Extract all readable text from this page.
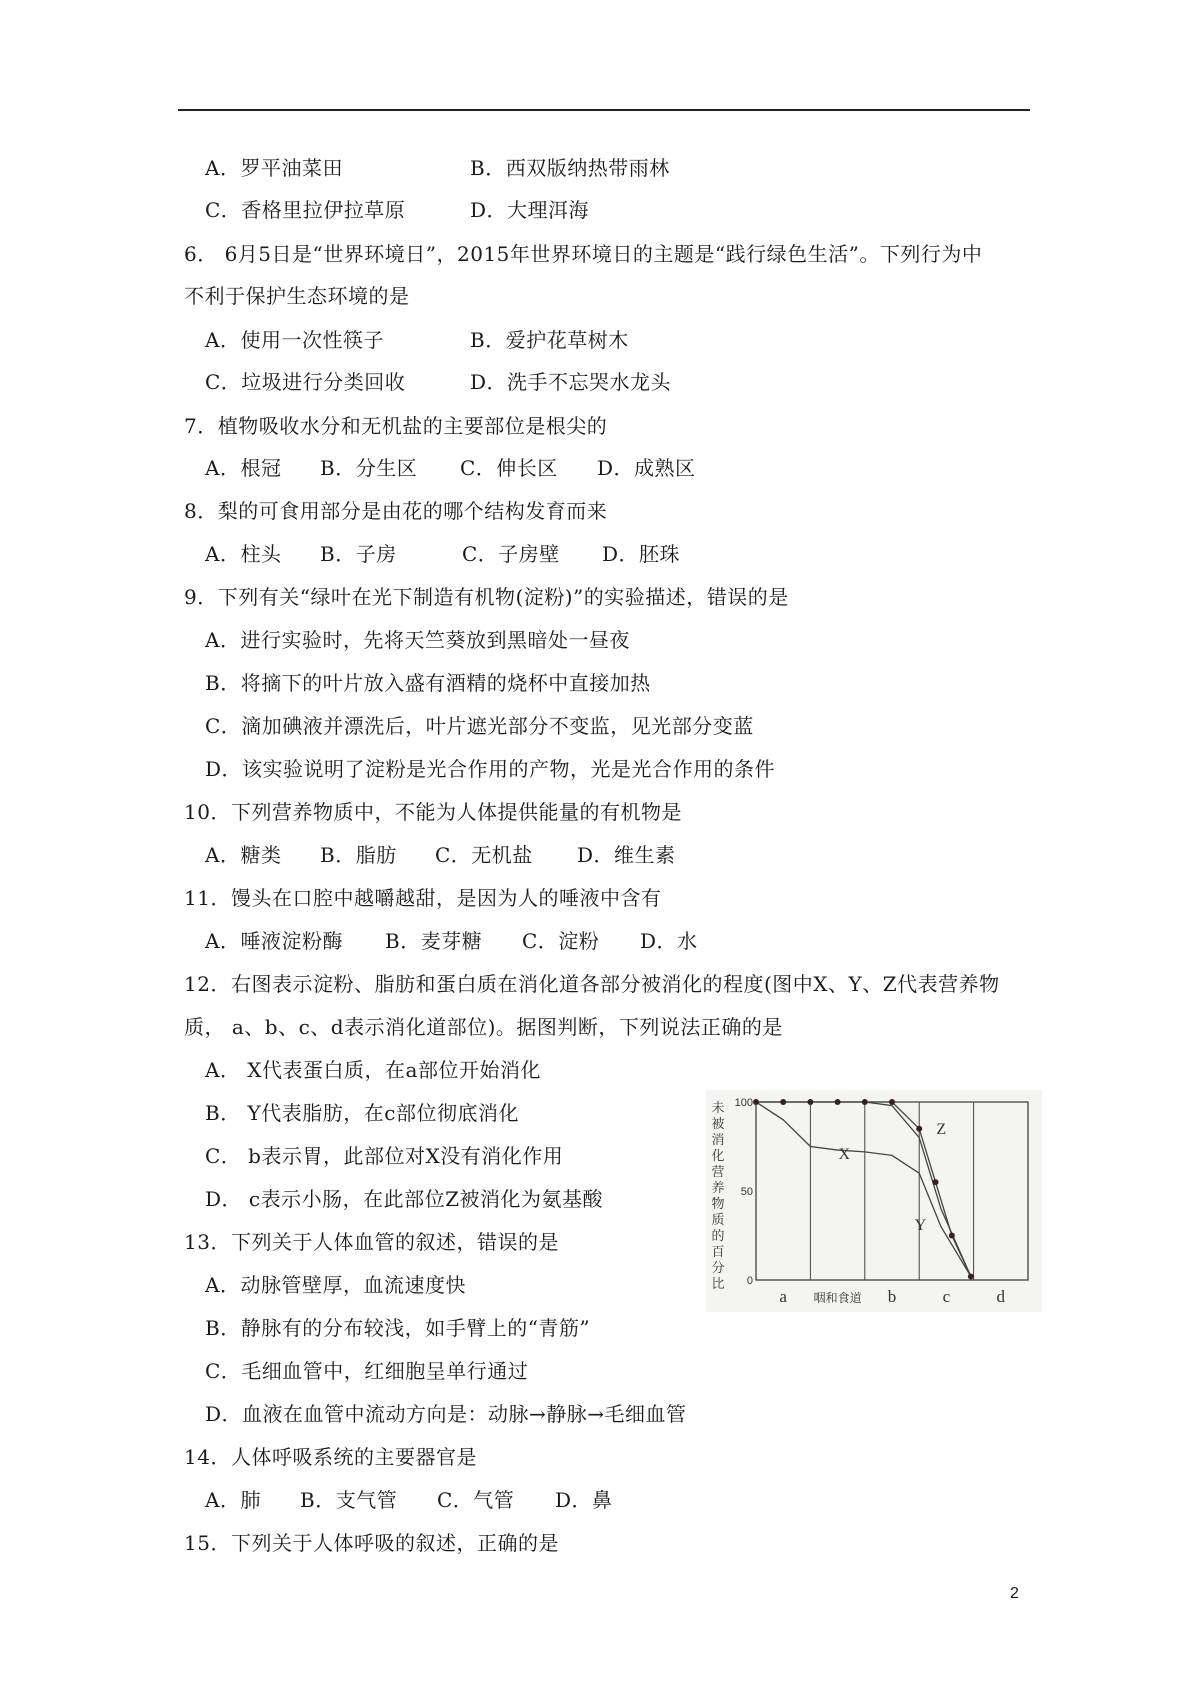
A．罗平油菜田	B．西双版纳热带雨林
C．香格里拉伊拉草原	D．大理洱海
6． 6月5日是“世界环境日”，2015年世界环境日的主题是“践行绿色生活”。下列行为中
不利于保护生态环境的是
A．使用一次性筷子	B．爱护花草树木
C．垃圾进行分类回收	D．洗手不忘哭水龙头
7．植物吸收水分和无机盐的主要部位是根尖的
A．根冠 B．分生区 C．伸长区 D．成熟区
8．梨的可食用部分是由花的哪个结构发育而来
A．柱头 B．子房	C．子房壁 D．胚珠
9．下列有关“绿叶在光下制造有机物(淀粉)”的实验描述，错误的是
A．进行实验时，先将天竺葵放到黑暗处一昼夜
B．将摘下的叶片放入盛有酒精的烧杯中直接加热
C．滴加碘液并漂洗后，叶片遮光部分不变监，见光部分变蓝
D．该实验说明了淀粉是光合作用的产物，光是光合作用的条件
10．下列营养物质中，不能为人体提供能量的有机物是
A．糖类 B．脂肪 C．无机盐 D．维生素
11．馒头在口腔中越嚼越甜，是因为人的唾液中含有
A．唾液淀粉酶 B．麦芽糖 C．淀粉 D．水
12．右图表示淀粉、脂肪和蛋白质在消化道各部分被消化的程度(图中X、Y、Z代表营养物
质， a、b、c、d表示消化道部位)。据图判断，下列说法正确的是
A． X代表蛋白质，在a部位开始消化
B． Y代表脂肪，在c部位彻底消化
C． b表示胃，此部位对X没有消化作用
D． c表示小肠，在此部位Z被消化为氨基酸
13．下列关于人体血管的叙述，错误的是
A．动脉管壁厚，血流速度快
B．静脉有的分布较浅，如手臂上的“青筋”
C．毛细血管中，红细胞呈单行通过
D．血液在血管中流动方向是：动脉→静脉→毛细血管
14．人体呼吸系统的主要器官是
A．肺 B．支气管 C．气管 D．鼻
15．下列关于人体呼吸的叙述，正确的是
2
100
50
0
未
被
消
化
营
养
物
质
的
百
分
比
a 咽和食道 b	c	d
X
Y
Z
